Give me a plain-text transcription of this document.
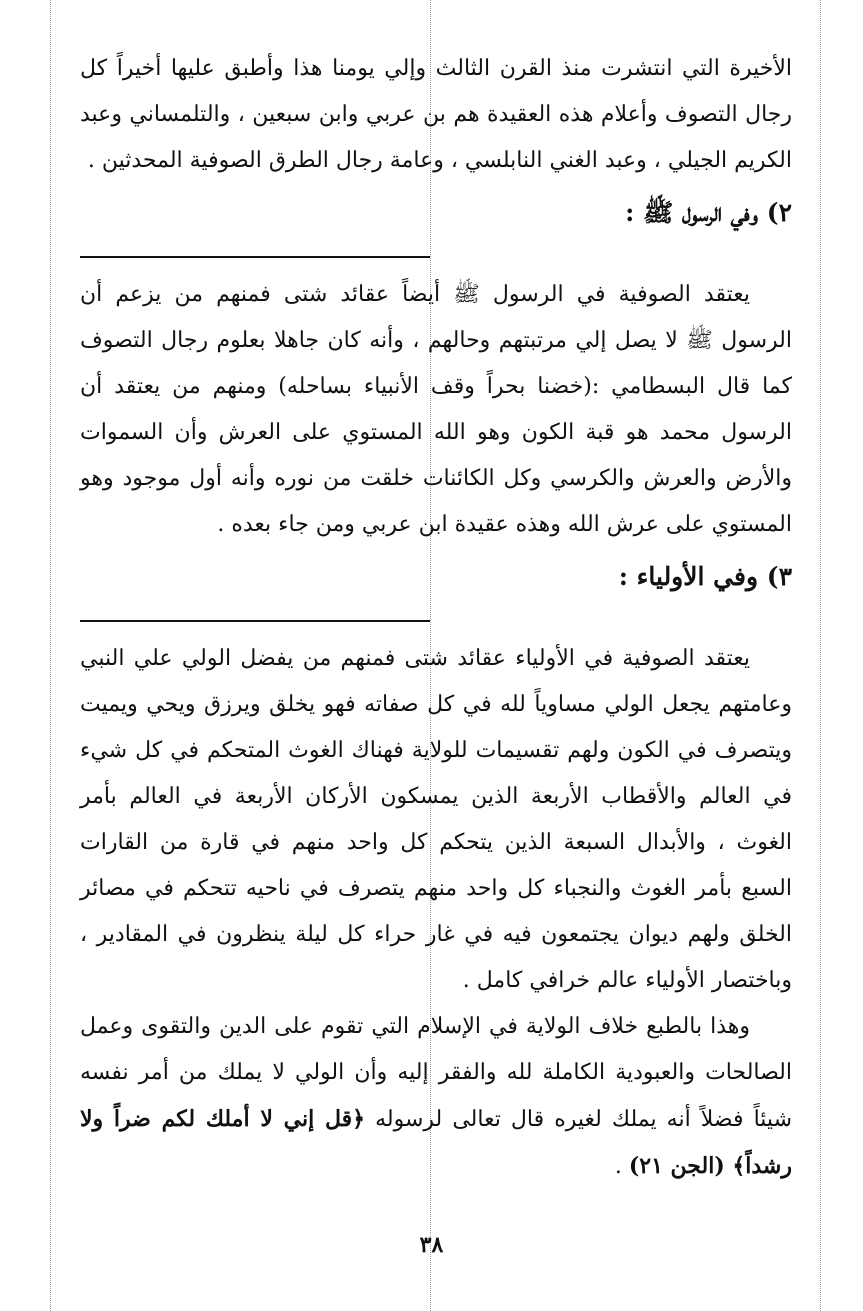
الأخيرة التي انتشرت منذ القرن الثالث وإلي يومنا هذا وأطبق عليها أخيراً كل رجال التصوف وأعلام هذه العقيدة هم بن عربي وابن سبعين ، والتلمساني وعبد الكريم الجيلي ، وعبد الغني النابلسي ، وعامة رجال الطرق الصوفية المحدثين .

٢) وفي الرسول ﷺ :

يعتقد الصوفية في الرسول ﷺ أيضاً عقائد شتى فمنهم من يزعم أن الرسول ﷺ لا يصل إلي مرتبتهم وحالهم ، وأنه كان جاهلا بعلوم رجال التصوف كما قال البسطامي :(خضنا بحراً وقف الأنبياء بساحله) ومنهم من يعتقد أن الرسول محمد هو قبة الكون وهو الله المستوي على العرش وأن السموات والأرض والعرش والكرسي وكل الكائنات خلقت من نوره وأنه أول موجود وهو المستوي على عرش الله وهذه عقيدة ابن عربي ومن جاء بعده .

٣) وفي الأولياء :

يعتقد الصوفية في الأولياء عقائد شتى فمنهم من يفضل الولي علي النبي وعامتهم يجعل الولي مساوياً لله في كل صفاته فهو يخلق ويرزق ويحي ويميت ويتصرف في الكون ولهم تقسيمات للولاية فهناك الغوث المتحكم في كل شيء في العالم والأقطاب الأربعة الذين يمسكون الأركان الأربعة في العالم بأمر الغوث ، والأبدال السبعة الذين يتحكم كل واحد منهم في قارة من القارات السبع بأمر الغوث والنجباء كل واحد منهم يتصرف في ناحيه تتحكم في مصائر الخلق ولهم ديوان يجتمعون فيه في غار حراء كل ليلة ينظرون في المقادير ، وباختصار الأولياء عالم خرافي كامل .

وهذا بالطبع خلاف الولاية في الإسلام التي تقوم على الدين والتقوى وعمل الصالحات والعبودية الكاملة لله والفقر إليه وأن الولي لا يملك من أمر نفسه شيئاً فضلاً أنه يملك لغيره قال تعالى لرسوله ﴿قل إني لا أملك لكم ضراً ولا رشداً﴾ (الجن ٢١) .

٣٨
